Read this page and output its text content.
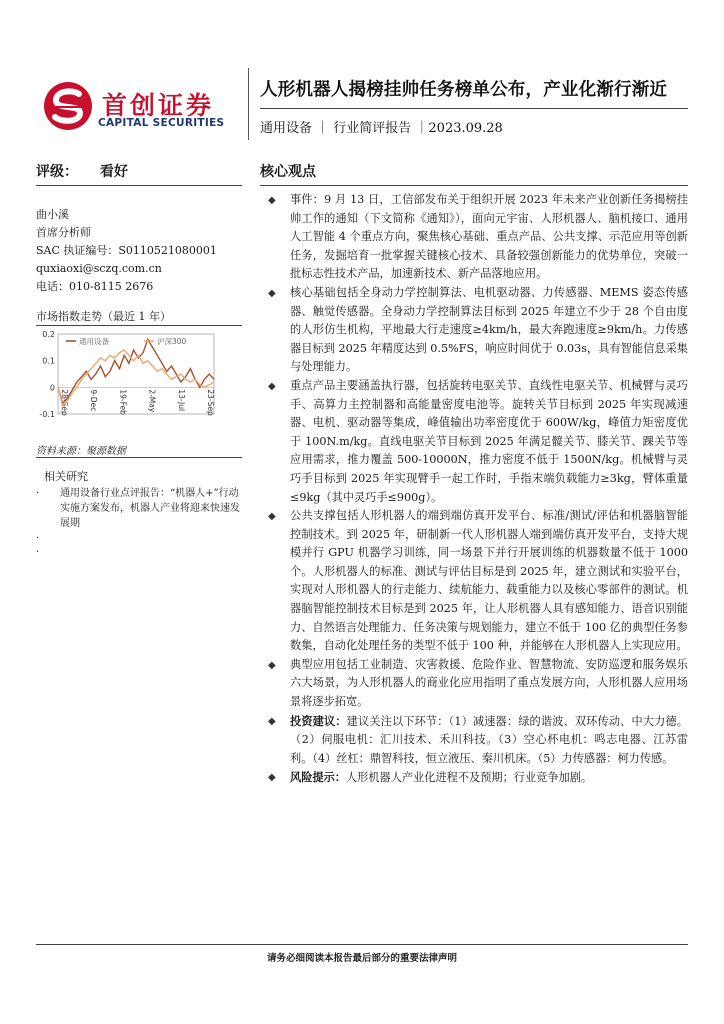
首创证券
CAPITAL SECURITIES
人形机器人揭榜挂帅任务榜单公布，产业化渐行渐近
通用设备 ｜ 行业简评报告 ｜2023.09.28
评级： 看好
曲小溪
首席分析师
SAC 执证编号：S0110521080001
quxiaoxi@sczq.com.cn
电话：010-8115 2676
市场指数走势（最近 1 年）
0.2
0.1
0
-0.1 28-Sep	9-Dec	19-Feb	2-May	13-Jul	23-Sep
通用设备	沪深300
资料来源：聚源数据
相关研究
· 通用设备行业点评报告：“机器人+”行动实施方案发布，机器人产业将迎来快速发展期
·
·
核心观点
◆ 事件：9 月 13 日，工信部发布关于组织开展 2023 年未来产业创新任务揭榜挂帅工作的通知（下文简称《通知》），面向元宇宙、人形机器人、脑机接口、通用人工智能 4 个重点方向，聚焦核心基础、重点产品、公共支撑、示范应用等创新任务，发掘培育一批掌握关键核心技术、具备较强创新能力的优势单位，突破一批标志性技术产品，加速新技术、新产品落地应用。
◆ 核心基础包括全身动力学控制算法、电机驱动器、力传感器、MEMS 姿态传感器、触觉传感器。全身动力学控制算法目标到 2025 年建立不少于 28 个自由度的人形仿生机构，平地最大行走速度≥4km/h，最大奔跑速度≥9km/h。力传感器目标到 2025 年精度达到 0.5%FS，响应时间优于 0.03s，具有智能信息采集与处理能力。
◆ 重点产品主要涵盖执行器，包括旋转电驱关节、直线性电驱关节、机械臂与灵巧手、高算力主控制器和高能量密度电池等。旋转关节目标到 2025 年实现减速器、电机、驱动器等集成，峰值输出功率密度优于 600W/kg，峰值力矩密度优于 100N.m/kg。直线电驱关节目标到 2025 年满足髋关节、膝关节、踝关节等应用需求，推力覆盖 500-10000N，推力密度不低于 1500N/kg。机械臂与灵巧手目标到 2025 年实现臂手一起工作时，手指末端负载能力≥3kg，臂体重量≤9kg（其中灵巧手≤900g）。
◆ 公共支撑包括人形机器人的端到端仿真开发平台、标准/测试/评估和机器脑智能控制技术。到 2025 年，研制新一代人形机器人端到端仿真开发平台，支持大规模并行 GPU 机器学习训练，同一场景下并行开展训练的机器数量不低于 1000 个。人形机器人的标准、测试与评估目标是到 2025 年，建立测试和实验平台，实现对人形机器人的行走能力、续航能力、载重能力以及核心零部件的测试。机器脑智能控制技术目标是到 2025 年，让人形机器人具有感知能力、语音识别能力、自然语言处理能力、任务决策与规划能力，建立不低于 100 亿的典型任务参数集，自动化处理任务的类型不低于 100 种，并能够在人形机器人上实现应用。
◆ 典型应用包括工业制造、灾害救援、危险作业、智慧物流、安防巡逻和服务娱乐六大场景，为人形机器人的商业化应用指明了重点发展方向，人形机器人应用场景将逐步拓宽。
◆ 投资建议：建议关注以下环节：（1）减速器：绿的谐波、双环传动、中大力德。（2）伺服电机：汇川技术、禾川科技。（3）空心杯电机：鸣志电器、江苏雷利。（4）丝杠：鼎智科技，恒立液压、秦川机床。（5）力传感器：柯力传感。
◆ 风险提示：人形机器人产业化进程不及预期；行业竞争加剧。
请务必细阅读本报告最后部分的重要法律声明
